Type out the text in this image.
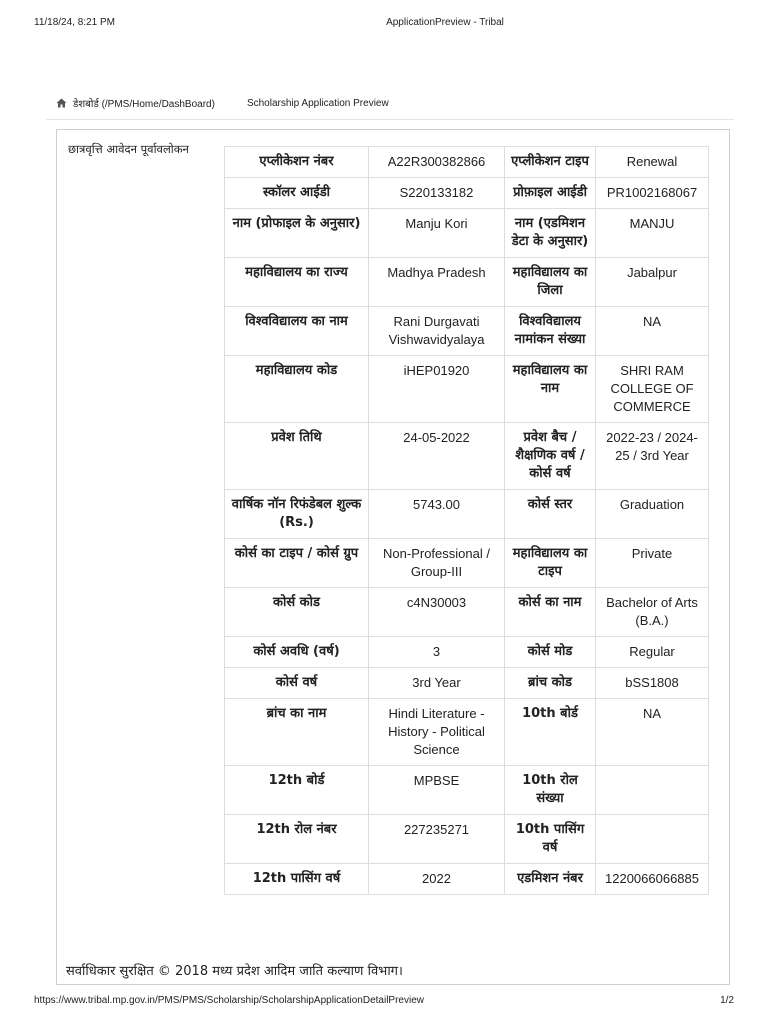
11/18/24, 8:21 PM	ApplicationPreview - Tribal
डेशबोर्ड (/PMS/Home/DashBoard)	Scholarship Application Preview
छात्रवृत्ति आवेदन पूर्वावलोकन
एप्लीकेशन नंबर	A22R300382866	एप्लीकेशन टाइप	Renewal
स्कॉलर आईडी	S220133182	प्रोफ़ाइल आईडी	PR1002168067
नाम (प्रोफाइल के अनुसार)	Manju Kori	नाम (एडमिशन डेटा के अनुसार)	MANJU
महाविद्यालय का राज्य	Madhya Pradesh	महाविद्यालय का जिला	Jabalpur
विश्वविद्यालय का नाम	Rani Durgavati Vishwavidyalaya	विश्वविद्यालय नामांकन संख्या	NA
महाविद्यालय कोड	iHEP01920	महाविद्यालय का नाम	SHRI RAM COLLEGE OF COMMERCE
प्रवेश तिथि	24-05-2022	प्रवेश बैच / शैक्षणिक वर्ष / कोर्स वर्ष	2022-23 / 2024-25 / 3rd Year
वार्षिक नॉन रिफंडेबल शुल्क (Rs.)	5743.00	कोर्स स्तर	Graduation
कोर्स का टाइप / कोर्स ग्रुप	Non-Professional / Group-III	महाविद्यालय का टाइप	Private
कोर्स कोड	c4N30003	कोर्स का नाम	Bachelor of Arts (B.A.)
कोर्स अवधि (वर्ष)	3	कोर्स मोड	Regular
कोर्स वर्ष	3rd Year	ब्रांच कोड	bSS1808
ब्रांच का नाम	Hindi Literature - History - Political Science	10th बोर्ड	NA
12th बोर्ड	MPBSE	10th रोल संख्या	
12th रोल नंबर	227235271	10th पासिंग वर्ष	
12th पासिंग वर्ष	2022	एडमिशन नंबर	1220066066885
सर्वाधिकार सुरक्षित © 2018 मध्य प्रदेश आदिम जाति कल्याण विभाग।
https://www.tribal.mp.gov.in/PMS/PMS/Scholarship/ScholarshipApplicationDetailPreview	1/2
